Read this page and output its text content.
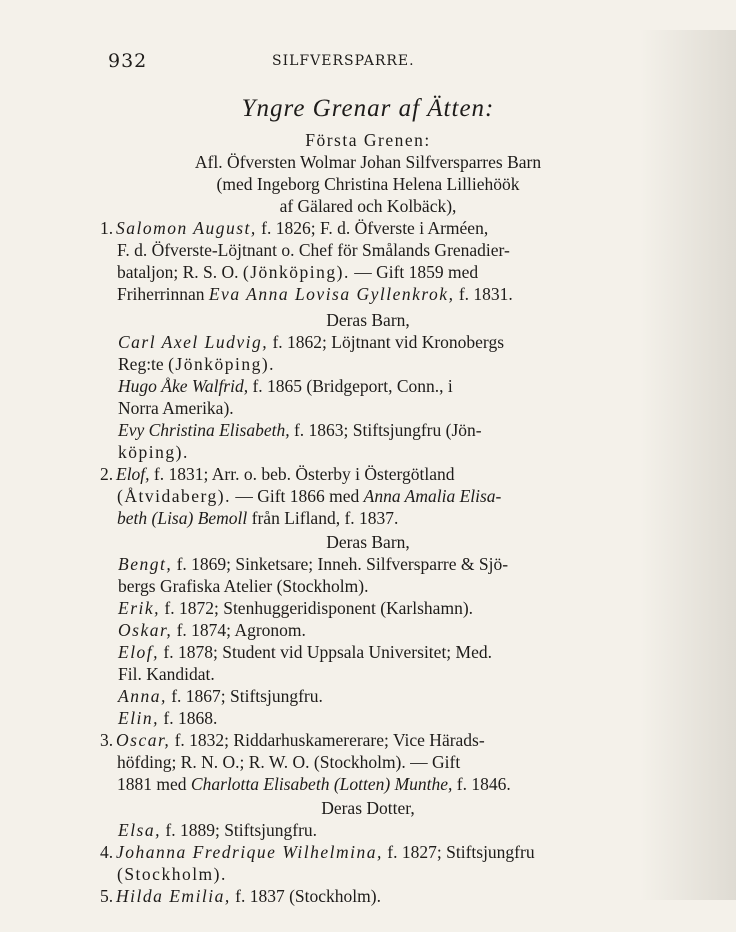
932	SILFVERSPARRE.
Yngre Grenar af Ätten:
Första Grenen:
Afl. Öfversten Wolmar Johan Silfversparres Barn
(med Ingeborg Christina Helena Lilliehöök
af Gälared och Kolbäck),
1. Salomon August, f. 1826; F. d. Öfverste i Arméen,
F. d. Öfverste-Löjtnant o. Chef för Smålands Grenadier-
bataljon; R. S. O. (Jönköping). — Gift 1859 med
Friherrinnan Eva Anna Lovisa Gyllenkrok, f. 1831.
Deras Barn,
Carl Axel Ludvig, f. 1862; Löjtnant vid Kronobergs
Reg:te (Jönköping).
Hugo Åke Walfrid, f. 1865 (Bridgeport, Conn., i
Norra Amerika).
Evy Christina Elisabeth, f. 1863; Stiftsjungfru (Jön-
köping).
2. Elof, f. 1831; Arr. o. beb. Österby i Östergötland
(Åtvidaberg). — Gift 1866 med Anna Amalia Elisa-
beth (Lisa) Bemoll från Lifland, f. 1837.
Deras Barn,
Bengt, f. 1869; Sinketsare; Inneh. Silfversparre & Sjö-
bergs Grafiska Atelier (Stockholm).
Erik, f. 1872; Stenhuggeridisponent (Karlshamn).
Oskar, f. 1874; Agronom.
Elof, f. 1878; Student vid Uppsala Universitet; Med.
Fil. Kandidat.
Anna, f. 1867; Stiftsjungfru.
Elin, f. 1868.
3. Oscar, f. 1832; Riddarhuskamererare; Vice Härads-
höfding; R. N. O.; R. W. O. (Stockholm). — Gift
1881 med Charlotta Elisabeth (Lotten) Munthe, f. 1846.
Deras Dotter,
Elsa, f. 1889; Stiftsjungfru.
4. Johanna Fredrique Wilhelmina, f. 1827; Stiftsjungfru
(Stockholm).
5. Hilda Emilia, f. 1837 (Stockholm).
